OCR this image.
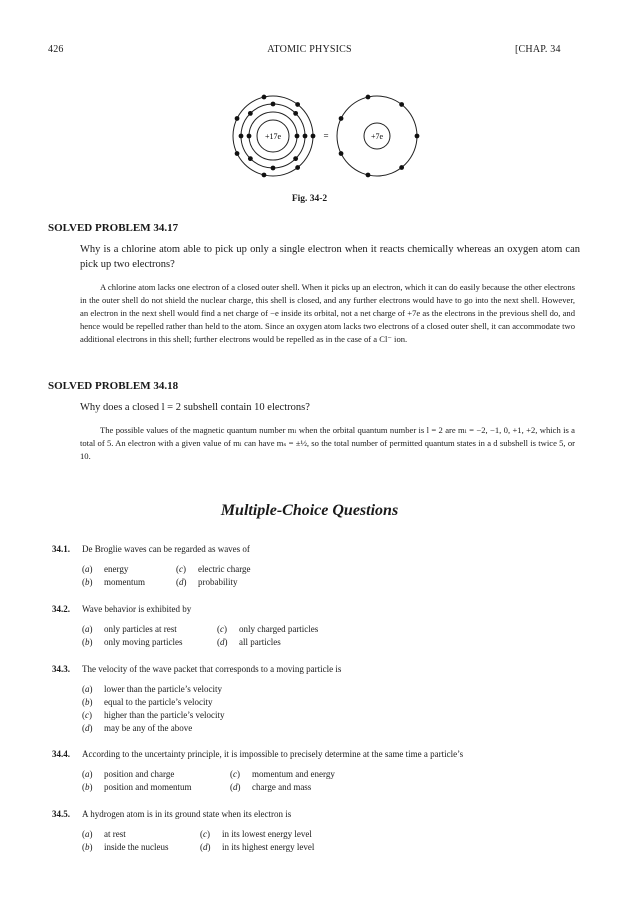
426	ATOMIC PHYSICS	[CHAP. 34
+17e	=	+7e
Fig. 34-2
SOLVED PROBLEM 34.17
Why is a chlorine atom able to pick up only a single electron when it reacts chemically whereas an oxygen atom can pick up two electrons?
A chlorine atom lacks one electron of a closed outer shell. When it picks up an electron, which it can do easily because the other electrons in the outer shell do not shield the nuclear charge, this shell is closed, and any further electrons would have to go into the next shell. However, an electron in the next shell would find a net charge of −e inside its orbital, not a net charge of +7e as the electrons in the previous shell do, and hence would be repelled rather than held to the atom. Since an oxygen atom lacks two electrons of a closed outer shell, it can accommodate two additional electrons in this shell; further electrons would be repelled as in the case of a Cl⁻ ion.
SOLVED PROBLEM 34.18
Why does a closed l = 2 subshell contain 10 electrons?
The possible values of the magnetic quantum number mₗ when the orbital quantum number is l = 2 are mₗ = −2, −1, 0, +1, +2, which is a total of 5. An electron with a given value of mₗ can have mₛ = ±½, so the total number of permitted quantum states in a d subshell is twice 5, or 10.
Multiple-Choice Questions
34.1. De Broglie waves can be regarded as waves of
(a) energy	(c) electric charge
(b) momentum	(d) probability
34.2. Wave behavior is exhibited by
(a) only particles at rest	(c) only charged particles
(b) only moving particles	(d) all particles
34.3. The velocity of the wave packet that corresponds to a moving particle is
(a) lower than the particle’s velocity
(b) equal to the particle’s velocity
(c) higher than the particle’s velocity
(d) may be any of the above
34.4. According to the uncertainty principle, it is impossible to precisely determine at the same time a particle’s
(a) position and charge	(c) momentum and energy
(b) position and momentum	(d) charge and mass
34.5. A hydrogen atom is in its ground state when its electron is
(a) at rest	(c) in its lowest energy level
(b) inside the nucleus	(d) in its highest energy level
